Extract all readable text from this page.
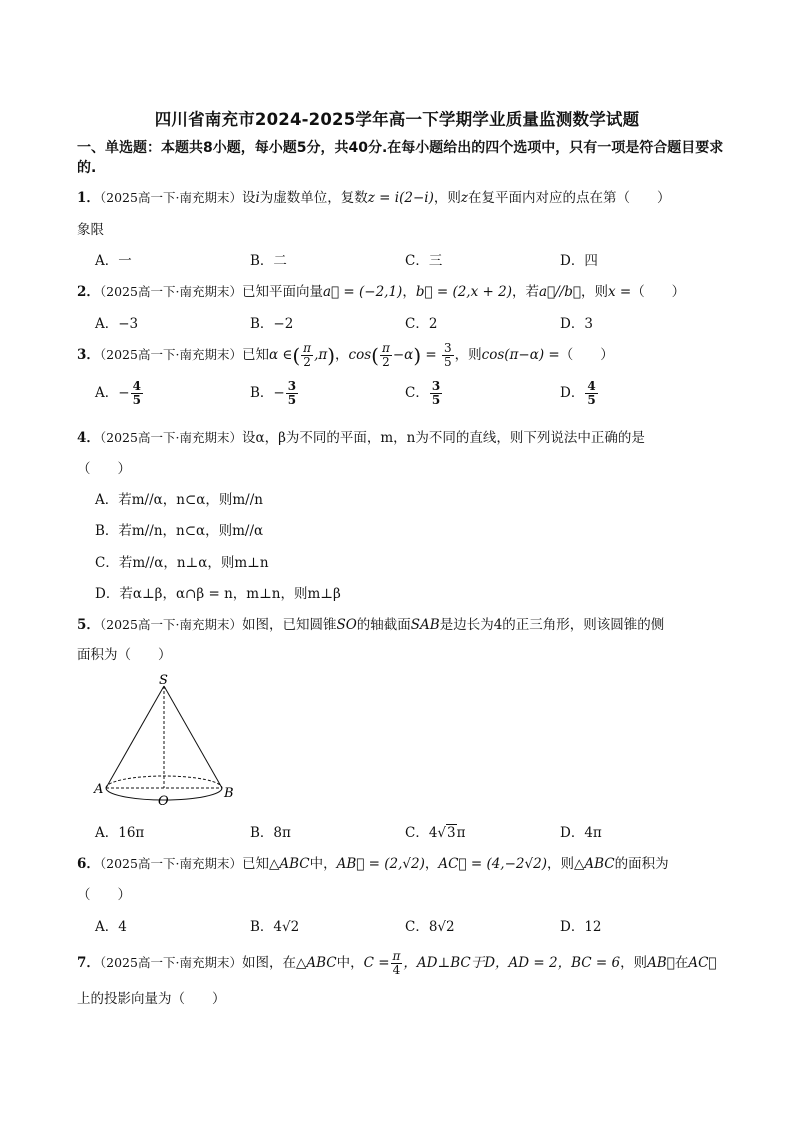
四川省南充市2024-2025学年高一下学期学业质量监测数学试题
一、单选题：本题共8小题，每小题5分，共40分.在每小题给出的四个选项中，只有一项是符合题目要求的.
1．（2025高一下·南充期末）设i为虚数单位，复数z = i(2−i)，则z在复平面内对应的点在第（　　）
象限
A．一	B．二	C．三	D．四
2．（2025高一下·南充期末）已知平面向量a⃗ = (−2,1)，b⃗ = (2,x + 2)，若a⃗//b⃗，则x =（　　）
A．−3	B．−2	C．2	D．3
3．（2025高一下·南充期末）已知α ∈( $\frac{\pi}{2} ,\pi$)，$\cos( \frac{\pi}{2} -\alpha) = \frac{3}{5}$ ，则cos(π−α) =（　　）
A．− $\frac{4}{5}$	B．− $\frac{3}{5}$	C． $\frac{3}{5}$	D． $\frac{4}{5}$
4．（2025高一下·南充期末）设α，β为不同的平面，m，n为不同的直线，则下列说法中正确的是
（　　）
A．若m//α，n⊂α，则m//n
B．若m//n，n⊂α，则m//α
C．若m//α，n⊥α，则m⊥n
D．若α⊥β，α∩β = n，m⊥n，则m⊥β
5．（2025高一下·南充期末）如图，已知圆锥SO的轴截面SAB是边长为4的正三角形，则该圆锥的侧
面积为（　　）
S
A	B
O
A．16π	B．8π	C．4√3π	D．4π
6．（2025高一下·南充期末）已知△ABC中，AB⃗ = (2,√2)，AC⃗ = (4,−2√2)，则△ABC的面积为
（　　）
A．4	B．4√2	C．8√2	D．12
7．（2025高一下·南充期末）如图，在△ABC中，$C = \frac{\pi}{4}$ ，AD⊥BC于D，AD = 2，BC = 6，则AB⃗在AC⃗
上的投影向量为（　　）
